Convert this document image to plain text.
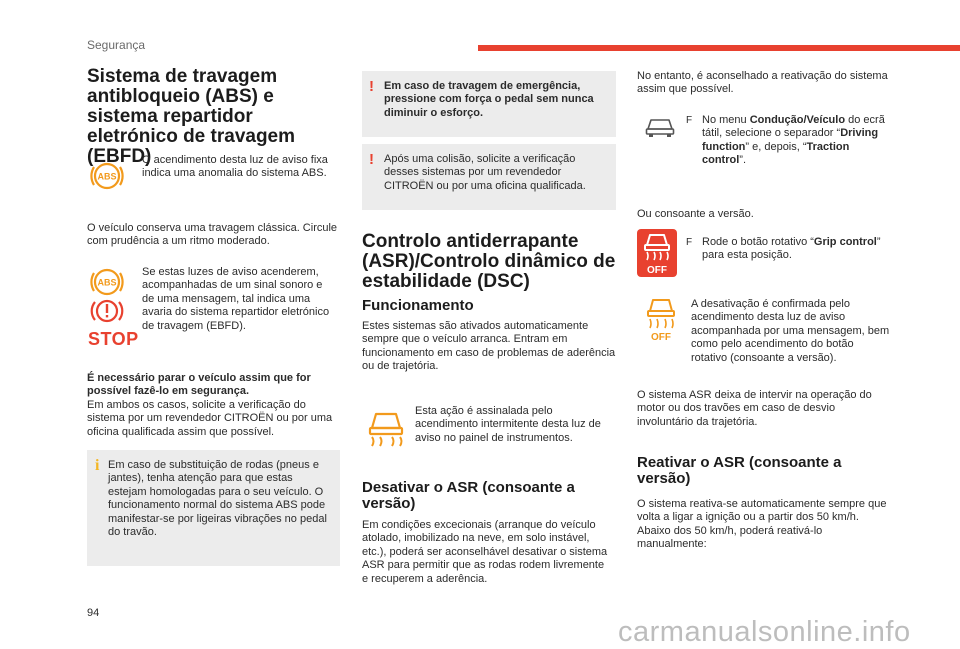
Segurança
Sistema de travagem antibloqueio (ABS) e sistema repartidor eletrónico de travagem (EBFD)
ABS
O acendimento desta luz de aviso fixa indica uma anomalia do sistema ABS.
O veículo conserva uma travagem clássica. Circule com prudência a um ritmo moderado.
ABS
STOP
Se estas luzes de aviso acenderem, acompanhadas de um sinal sonoro e de uma mensagem, tal indica uma avaria do sistema repartidor eletrónico de travagem (EBFD).
É necessário parar o veículo assim que for possível fazê-lo em segurança.
Em ambos os casos, solicite a verificação do sistema por um revendedor CITROËN ou por uma oficina qualificada assim que possível.
i Em caso de substituição de rodas (pneus e jantes), tenha atenção para que estas estejam homologadas para o seu veículo. O funcionamento normal do sistema ABS pode manifestar-se por ligeiras vibrações no pedal do travão.
! Em caso de travagem de emergência, pressione com força o pedal sem nunca diminuir o esforço.
! Após uma colisão, solicite a verificação desses sistemas por um revendedor CITROËN ou por uma oficina qualificada.
Controlo antiderrapante (ASR)/Controlo dinâmico de estabilidade (DSC)
Funcionamento
Estes sistemas são ativados automaticamente sempre que o veículo arranca. Entram em funcionamento em caso de problemas de aderência ou de trajetória.
Esta ação é assinalada pelo acendimento intermitente desta luz de aviso no painel de instrumentos.
Desativar o ASR (consoante a versão)
Em condições excecionais (arranque do veículo atolado, imobilizado na neve, em solo instável, etc.), poderá ser aconselhável desativar o sistema ASR para permitir que as rodas rodem livremente e recuperem a aderência.
No entanto, é aconselhado a reativação do sistema assim que possível.
F No menu Condução/Veículo do ecrã tátil, selecione o separador “Driving function” e, depois, “Traction control”.
Ou consoante a versão.
OFF
F Rode o botão rotativo “Grip control” para esta posição.
OFF
A desativação é confirmada pelo acendimento desta luz de aviso acompanhada por uma mensagem, bem como pelo acendimento do botão rotativo (consoante a versão).
O sistema ASR deixa de intervir na operação do motor ou dos travões em caso de desvio involuntário da trajetória.
Reativar o ASR (consoante a versão)
O sistema reativa-se automaticamente sempre que volta a ligar a ignição ou a partir dos 50 km/h. Abaixo dos 50 km/h, poderá reativá-lo manualmente:
94
carmanualsonline.info
